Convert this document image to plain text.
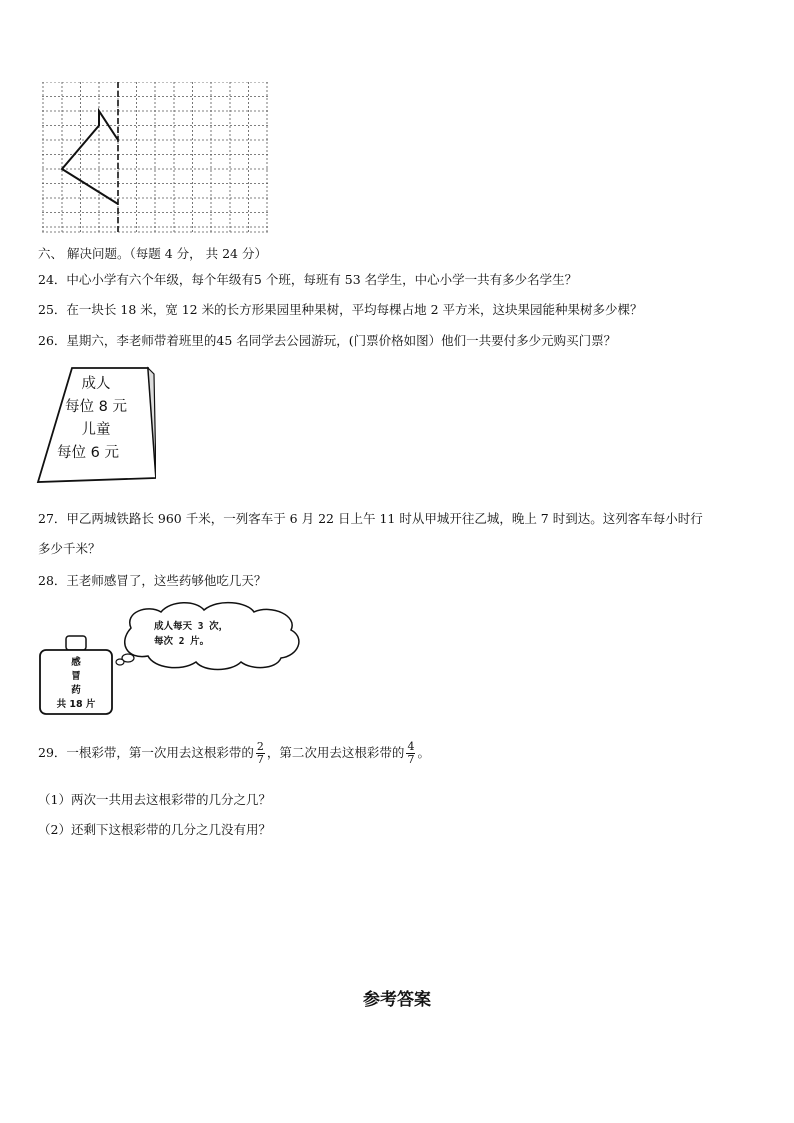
六、 解决问题。（每题 4 分， 共 24 分）
24．中心小学有六个年级，每个年级有5 个班，每班有 53 名学生，中心小学一共有多少名学生？
25．在一块长 18 米，宽 12 米的长方形果园里种果树，平均每棵占地 2 平方米，这块果园能种果树多少棵？
26．星期六，李老师带着班里的45 名同学去公园游玩，(门票价格如图）他们一共要付多少元购买门票？
成人
每位 8 元
儿童
每位 6 元
27．甲乙两城铁路长 960 千米，一列客车于 6 月 22 日上午 11 时从甲城开往乙城，晚上 7 时到达。这列客车每小时行
多少千米？
28．王老师感冒了，这些药够他吃几天？
成人每天 3 次，
每次 2 片。
感
冒
药
共 18 片
29．一根彩带，第一次用去这根彩带的 $\frac{2}{7}$ ，第二次用去这根彩带的 $\frac{4}{7}$ 。
（1）两次一共用去这根彩带的几分之几？
（2）还剩下这根彩带的几分之几没有用？
参考答案
